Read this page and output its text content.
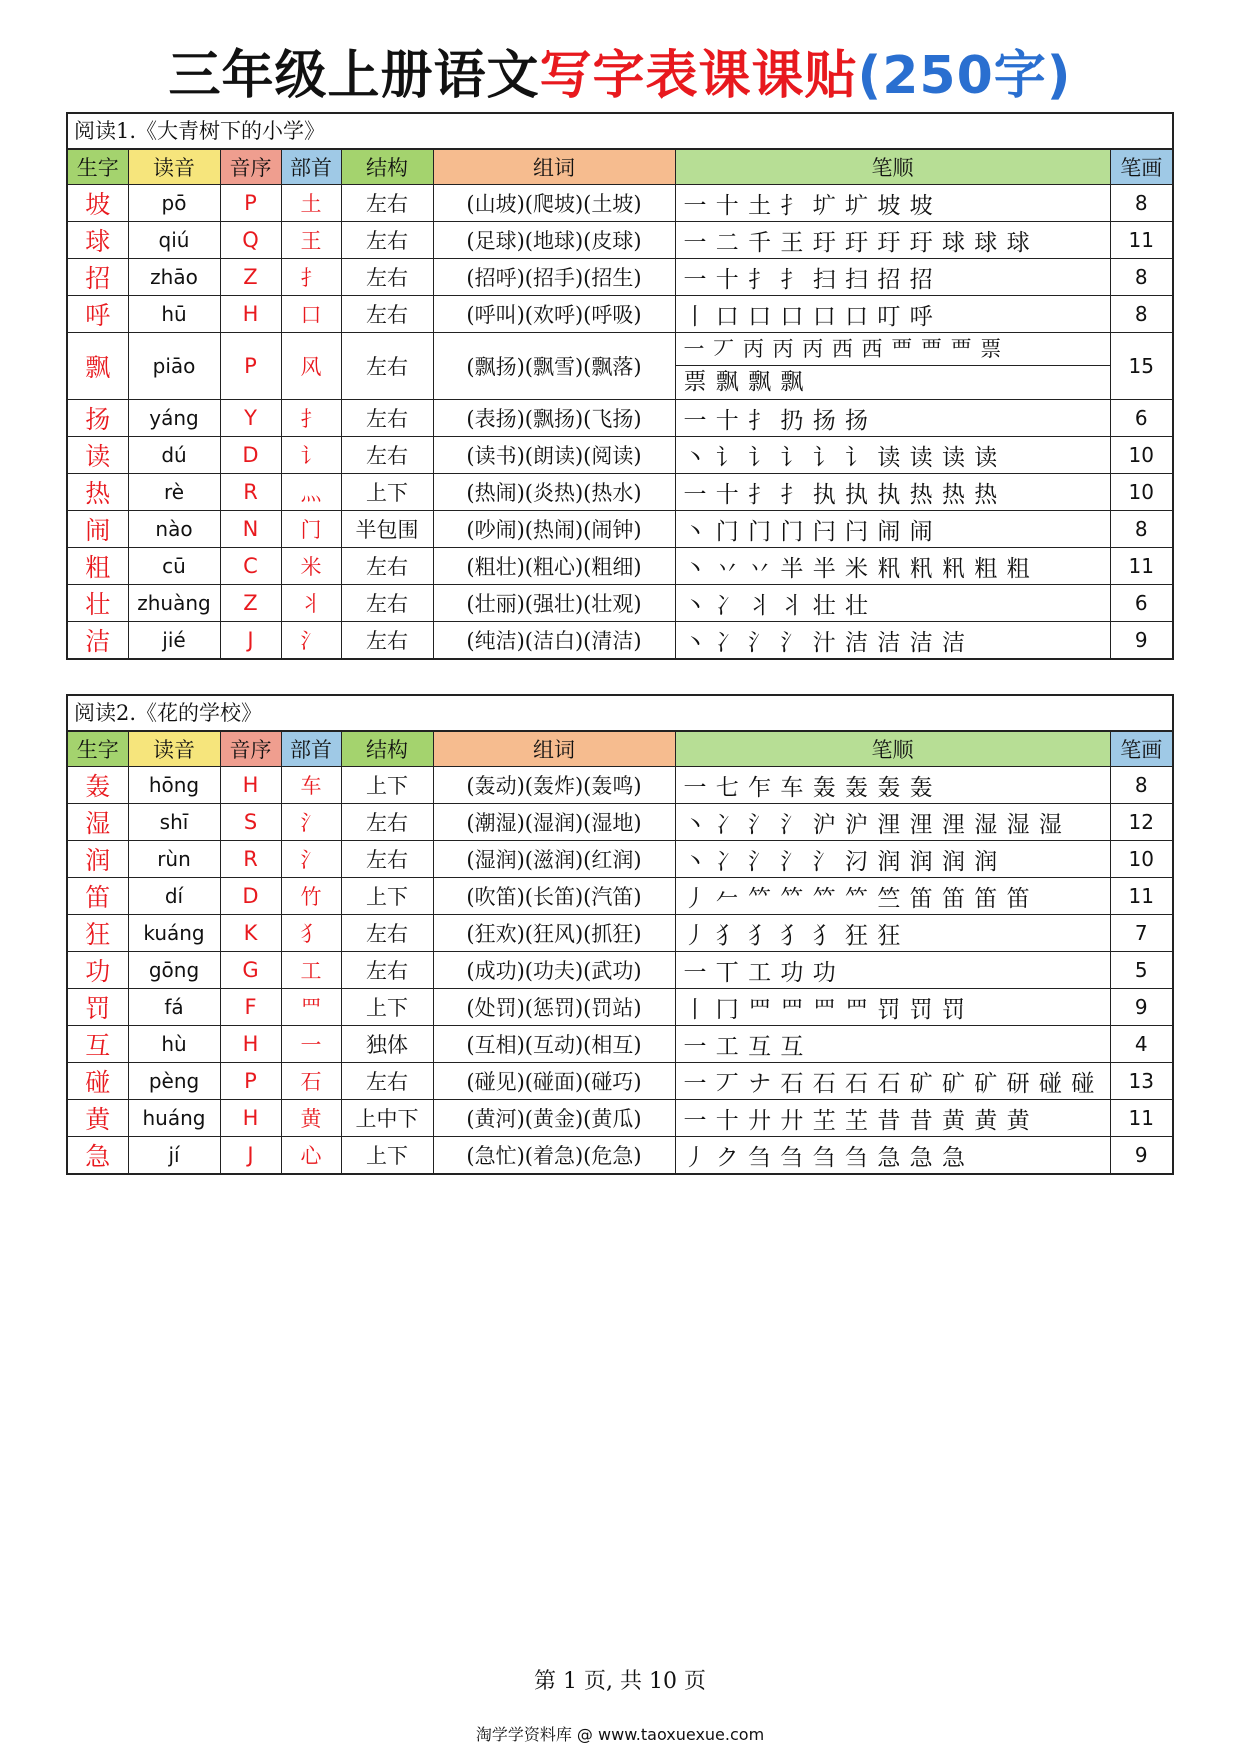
三年级上册语文写字表课课贴(250字)
阅读1.《大青树下的小学》
生字	读音	音序	部首	结构	组词	笔顺	笔画
坡	pō	P	土	左右	(山坡)(爬坡)(土坡)	一 十 土 扌 圹 圹 坡 坡	8
球	qiú	Q	王	左右	(足球)(地球)(皮球)	一 二 千 王 玗 玗 玗 玗 球 球 球	11
招	zhāo	Z	扌	左右	(招呼)(招手)(招生)	一 十 扌 扌 扫 扫 招 招	8
呼	hū	H	口	左右	(呼叫)(欢呼)(呼吸)	丨 口 口 口 口 口 叮 呼	8
飘	piāo	P	风	左右	(飘扬)(飘雪)(飘落)	一 丆 丙 丙 丙 西 西 覀 覀 覀 票
票 飘 飘 飘	15
扬	yáng	Y	扌	左右	(表扬)(飘扬)(飞扬)	一 十 扌 扔 扬 扬	6
读	dú	D	讠	左右	(读书)(朗读)(阅读)	丶 讠 讠 讠 讠 讠 读 读 读 读	10
热	rè	R	灬	上下	(热闹)(炎热)(热水)	一 十 扌 扌 执 执 执 热 热 热	10
闹	nào	N	门	半包围	(吵闹)(热闹)(闹钟)	丶 门 门 门 闩 闩 闹 闹	8
粗	cū	C	米	左右	(粗壮)(粗心)(粗细)	丶 丷 丷 半 半 米 籸 籸 籸 粗 粗	11
壮	zhuàng	Z	丬	左右	(壮丽)(强壮)(壮观)	丶 冫 丬 丬 壮 壮	6
洁	jié	J	氵	左右	(纯洁)(洁白)(清洁)	丶 冫 氵 氵 汁 洁 洁 洁 洁	9
阅读2.《花的学校》
生字	读音	音序	部首	结构	组词	笔顺	笔画
轰	hōng	H	车	上下	(轰动)(轰炸)(轰鸣)	一 七 乍 车 轰 轰 轰 轰	8
湿	shī	S	氵	左右	(潮湿)(湿润)(湿地)	丶 冫 氵 氵 沪 沪 浬 浬 浬 湿 湿 湿	12
润	rùn	R	氵	左右	(湿润)(滋润)(红润)	丶 冫 氵 氵 氵 汈 润 润 润 润	10
笛	dí	D	竹	上下	(吹笛)(长笛)(汽笛)	丿 𠂉 𥫗 𥫗 𥫗 𥫗 竺 笛 笛 笛 笛	11
狂	kuáng	K	犭	左右	(狂欢)(狂风)(抓狂)	丿 犭 犭 犭 犭 狂 狂	7
功	gōng	G	工	左右	(成功)(功夫)(武功)	一 丅 工 功 功	5
罚	fá	F	罒	上下	(处罚)(惩罚)(罚站)	丨 冂 罒 罒 罒 罒 罚 罚 罚	9
互	hù	H	一	独体	(互相)(互动)(相互)	一 工 互 互	4
碰	pèng	P	石	左右	(碰见)(碰面)(碰巧)	一 丆 ナ 石 石 石 石 矿 矿 矿 研 碰 碰	13
黄	huáng	H	黄	上中下	(黄河)(黄金)(黄瓜)	一 十 廾 廾 芏 芏 昔 昔 黄 黄 黄	11
急	jí	J	心	上下	(急忙)(着急)(危急)	丿 ク 刍 刍 刍 刍 急 急 急	9
第 1 页, 共 10 页
淘学学资料库 @ www.taoxuexue.com
